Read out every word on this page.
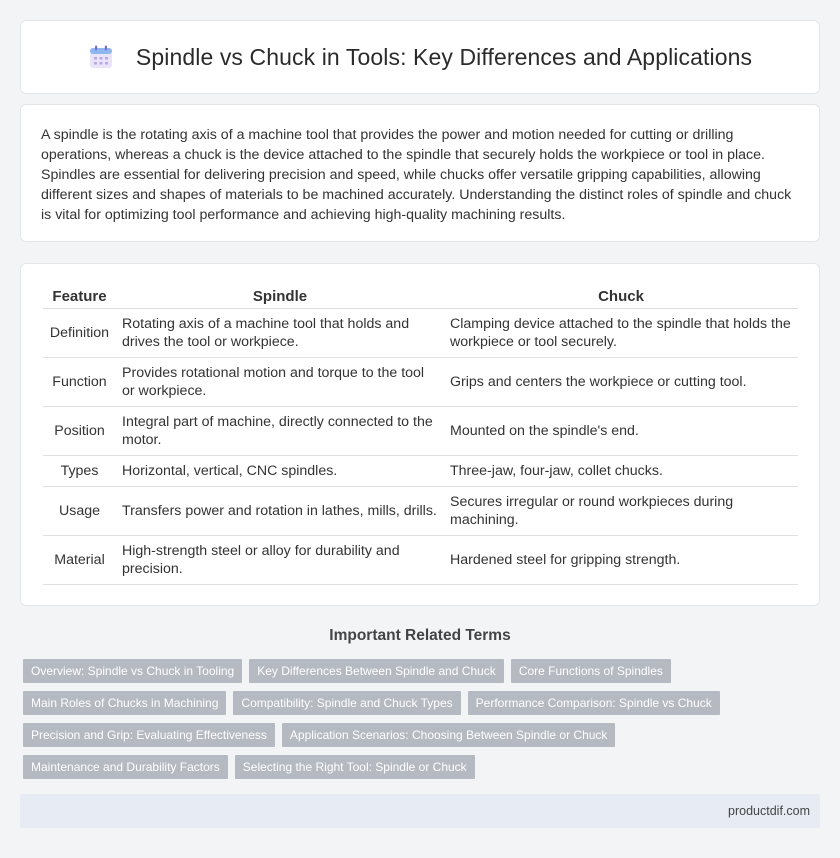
Spindle vs Chuck in Tools: Key Differences and Applications

A spindle is the rotating axis of a machine tool that provides the power and motion needed for cutting or drilling operations, whereas a chuck is the device attached to the spindle that securely holds the workpiece or tool in place. Spindles are essential for delivering precision and speed, while chucks offer versatile gripping capabilities, allowing different sizes and shapes of materials to be machined accurately. Understanding the distinct roles of spindle and chuck is vital for optimizing tool performance and achieving high-quality machining results.

Feature	Spindle	Chuck
Definition	Rotating axis of a machine tool that holds and drives the tool or workpiece.	Clamping device attached to the spindle that holds the workpiece or tool securely.
Function	Provides rotational motion and torque to the tool or workpiece.	Grips and centers the workpiece or cutting tool.
Position	Integral part of machine, directly connected to the motor.	Mounted on the spindle's end.
Types	Horizontal, vertical, CNC spindles.	Three-jaw, four-jaw, collet chucks.
Usage	Transfers power and rotation in lathes, mills, drills.	Secures irregular or round workpieces during machining.
Material	High-strength steel or alloy for durability and precision.	Hardened steel for gripping strength.
Important Related Terms
Overview: Spindle vs Chuck in Tooling	Key Differences Between Spindle and Chuck	Core Functions of Spindles
Main Roles of Chucks in Machining	Compatibility: Spindle and Chuck Types	Performance Comparison: Spindle vs Chuck
Precision and Grip: Evaluating Effectiveness	Application Scenarios: Choosing Between Spindle or Chuck
Maintenance and Durability Factors	Selecting the Right Tool: Spindle or Chuck
productdif.com
